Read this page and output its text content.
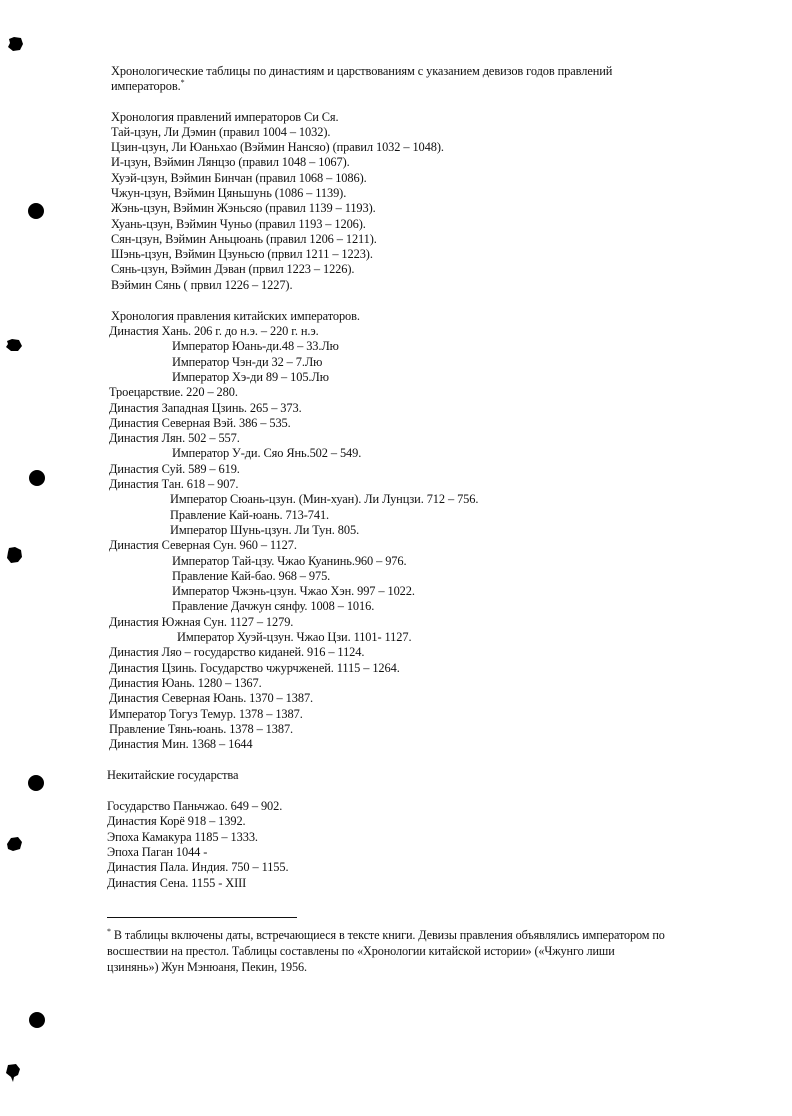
Хронологические таблицы по династиям и царствованиям с указанием девизов годов правлений
императоров.*
Хронология правлений императоров Си Ся.
Тай-цзун, Ли Дэмин (правил 1004 – 1032).
Цзин-цзун, Ли Юаньхао (Вэймин Нансяо) (правил 1032 – 1048).
И-цзун, Вэймин Лянцзо (правил 1048 – 1067).
Хуэй-цзун, Вэймин Бинчан (правил 1068 – 1086).
Чжун-цзун, Вэймин Цяньшунь (1086 – 1139).
Жэнь-цзун, Вэймин Жэньсяо (правил 1139 – 1193).
Хуань-цзун, Вэймин Чуньо (правил 1193 – 1206).
Сян-цзун, Вэймин Аньцюань (правил 1206 – 1211).
Шэнь-цзун, Вэймин Цзуньсю (првил 1211 – 1223).
Сянь-цзун, Вэймин Дэван (првил 1223 – 1226).
Вэймин Сянь ( првил 1226 – 1227).
Хронология правления китайских императоров.
Династия Хань. 206 г. до н.э. – 220 г. н.э.
Император Юань-ди.48 – 33.Лю
Император Чэн-ди 32 – 7.Лю
Император Хэ-ди 89 – 105.Лю
Троецарствие. 220 – 280.
Династия Западная Цзинь. 265 – 373.
Династия Северная Вэй. 386 – 535.
Династия Лян. 502 – 557.
Император У-ди. Сяо Янь.502 – 549.
Династия Суй. 589 – 619.
Династия Тан. 618 – 907.
Император Сюань-цзун. (Мин-хуан). Ли Лунцзи. 712 – 756.
Правление Кай-юань. 713-741.
Император Шунь-цзун. Ли Тун. 805.
Династия Северная Сун. 960 – 1127.
Император Тай-цзу. Чжао Куанинь.960 – 976.
Правление Кай-бао. 968 – 975.
Император Чжэнь-цзун. Чжао Хэн. 997 – 1022.
Правление Дачжун сянфу. 1008 – 1016.
Династия Южная Сун. 1127 – 1279.
Император Хуэй-цзун. Чжао Цзи. 1101- 1127.
Династия Ляо – государство киданей. 916 – 1124.
Династия Цзинь. Государство чжурчженей. 1115 – 1264.
Династия Юань. 1280 – 1367.
Династия Северная Юань. 1370 – 1387.
Император Тогуз Темур. 1378 – 1387.
Правление Тянь-юань. 1378 – 1387.
Династия Мин. 1368 – 1644
Некитайские государства
Государство Паньчжао. 649 – 902.
Династия Корё 918 – 1392.
Эпоха Камакура 1185 – 1333.
Эпоха Паган 1044 -
Династия Пала. Индия. 750 – 1155.
Династия Сена. 1155 - XIII
* В таблицы включены даты, встречающиеся в тексте книги. Девизы правления объявлялись императором по
восшествии на престол. Таблицы составлены по «Хронологии китайской истории» («Чжунго лиши
цзинянь») Жун Мэнюаня, Пекин, 1956.
